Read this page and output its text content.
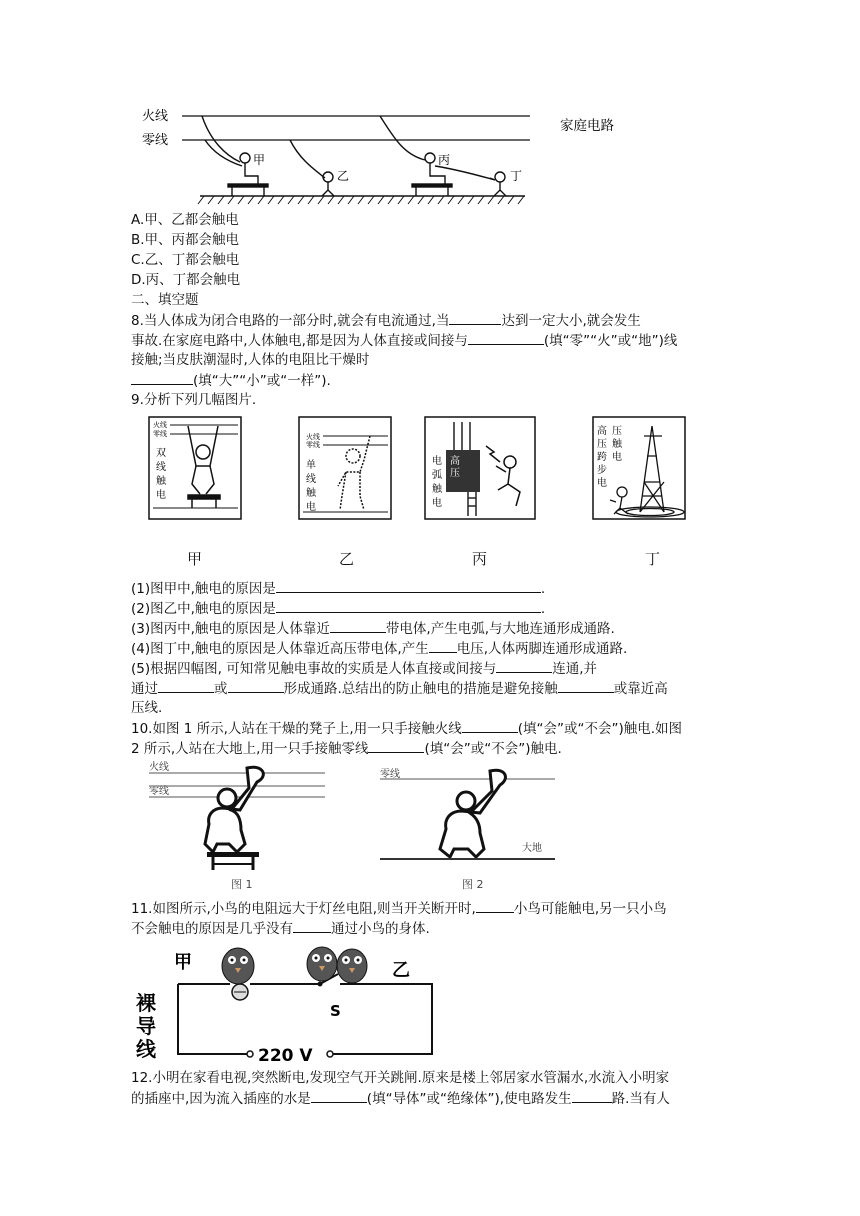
火线
零线
家庭电路
甲
乙
丙
丁
A.甲、乙都会触电
B.甲、丙都会触电
C.乙、丁都会触电
D.丙、丁都会触电
二、填空题
8.当人体成为闭合电路的一部分时,就会有电流通过,当	达到一定大小,就会发生
事故.在家庭电路中,人体触电,都是因为人体直接或间接与	(填“零”“火”或“地”)线
接触;当皮肤潮湿时,人体的电阻比干燥时
(填“大”“小”或“一样”).
9.分析下列几幅图片.
火线
零线
双
线
触
电
火线
零线
单
线
触
电
高
压
电
弧
触
电
高
压
跨
步
电
压
触
电
甲	乙	丙	丁
(1)图甲中,触电的原因是	.
(2)图乙中,触电的原因是	.
(3)图丙中,触电的原因是人体靠近	带电体,产生电弧,与大地连通形成通路.
(4)图丁中,触电的原因是人体靠近高压带电体,产生 电压,人体两脚连通形成通路.
(5)根据四幅图, 可知常见触电事故的实质是人体直接或间接与	连通,并
通过	或	形成通路.总结出的防止触电的措施是避免接触	或靠近高
压线.
10.如图 1 所示,人站在干燥的凳子上,用一只手接触火线	(填“会”或“不会”)触电.如图
2 所示,人站在大地上,用一只手接触零线	(填“会”或“不会”)触电.
火线
零线
图 1
零线
大地
图 2
11.如图所示,小鸟的电阻远大于灯丝电阻,则当开关断开时,	小鸟可能触电,另一只小鸟
不会触电的原因是几乎没有	通过小鸟的身体.
甲	乙
S
裸
导
线	220 V
12.小明在家看电视,突然断电,发现空气开关跳闸.原来是楼上邻居家水管漏水,水流入小明家
的插座中,因为流入插座的水是	(填“导体”或“绝缘体”),使电路发生	路.当有人
